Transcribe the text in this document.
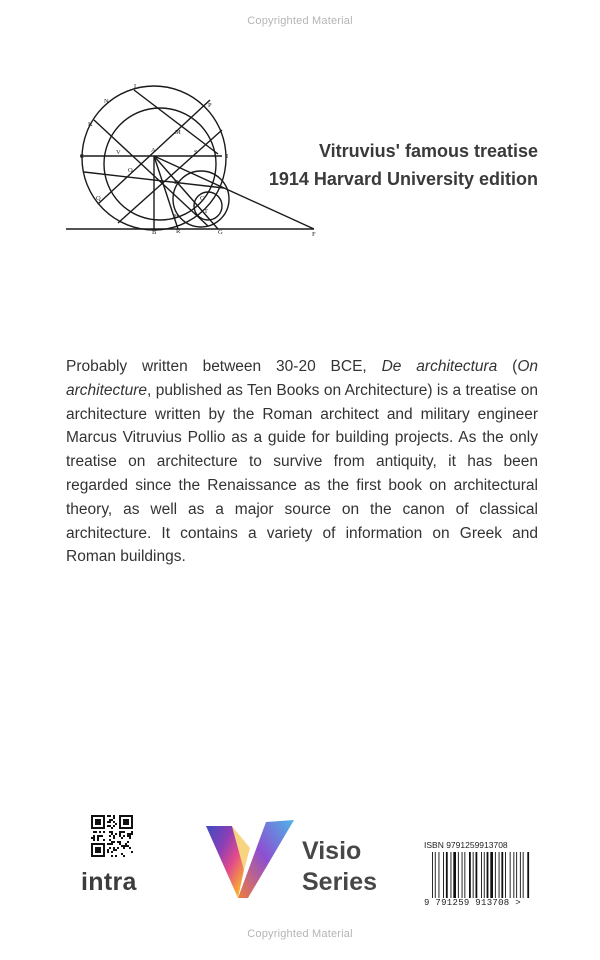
Copyrighted Material
L
N
P
K
M
E
V	A	S
I
B
D
Q
H
R
T
G	F
C
O
Vitruvius' famous treatise
1914 Harvard University edition

Probably written between 30-20 BCE, De architectura (On architecture, published as Ten Books on Architecture) is a treatise on architecture written by the Roman architect and military engineer Marcus Vitruvius Pollio as a guide for building projects. As the only treatise on architecture to survive from antiquity, it has been regarded since the Renaissance as the first book on architectural theory, as well as a major source on the canon of classical architecture. It contains a variety of information on Greek and Roman buildings.

intra
Visio
Series
ISBN 9791259913708
9 791259 913708 >
Copyrighted Material
